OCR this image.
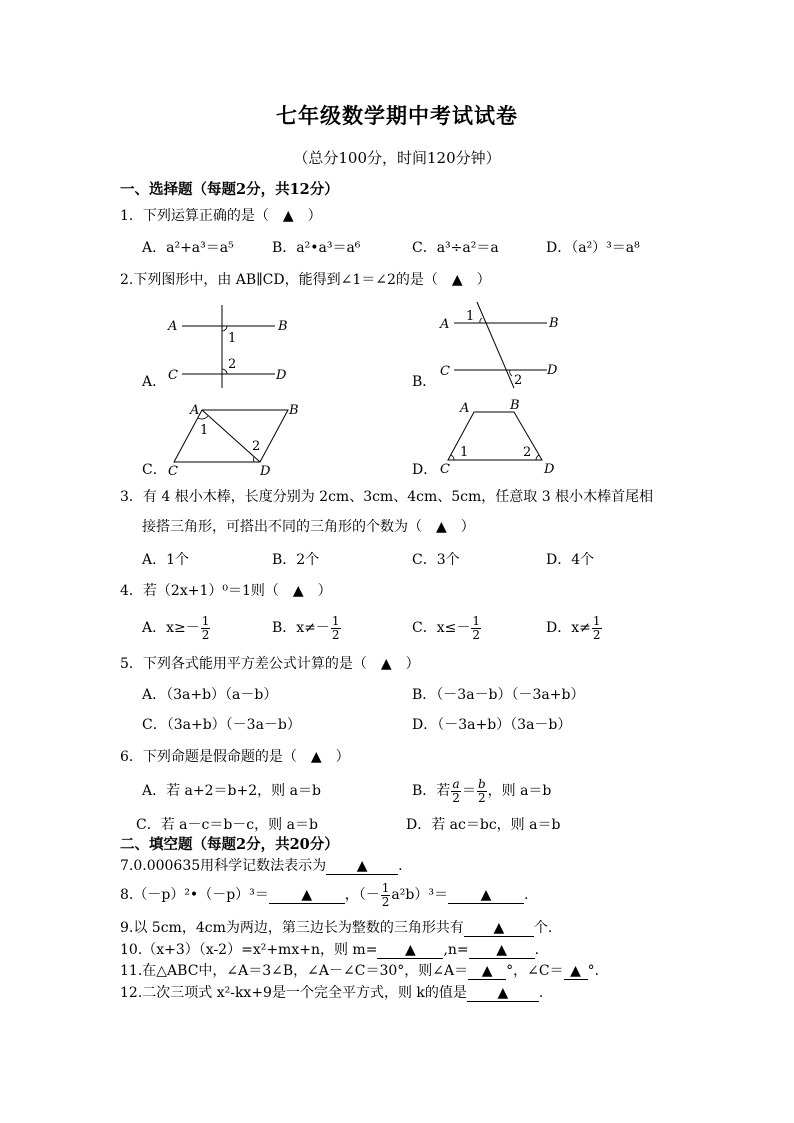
七年级数学期中考试试卷
（总分100分，时间120分钟）
一、选择题（每题2分，共12分）
1．下列运算正确的是（　▲　）
A．a²+a³＝a⁵	B．a²•a³＝a⁶	C．a³÷a²＝a	D．（a²）³＝a⁸
2.下列图形中，由 AB∥CD，能得到∠1＝∠2的是（　▲　）
A．
A	B
C	D
1
2
B．
A	B
C	D
1
2
C．
A	B
C	D
1
2
D．
A	B
C	D
1	2
3．有 4 根小木棒，长度分别为 2cm、3cm、4cm、5cm，任意取 3 根小木棒首尾相
接搭三角形，可搭出不同的三角形的个数为（　▲　）
A．1个	B．2个	C．3个	D．4个
4．若（2x+1）⁰＝1则（　▲　）
A．$x\ge- \frac{1}{2}$	B．$x\ne- \frac{1}{2}$	C．$x\le- \frac{1}{2}$	D．$x\ne \frac{1}{2}$
5．下列各式能用平方差公式计算的是（　▲　）
A．（3a+b）（a－b）	B．（－3a－b）（－3a+b）
C．（3a+b）（－3a－b）	D．（－3a+b）（3a－b）
6．下列命题是假命题的是（　▲　）
A．若 a+2＝b+2，则 a＝b	B．若 $\frac{a}{2} = \frac{b}{2}$ ，则 a＝b
C．若 a－c＝b－c，则 a＝b	D．若 ac＝bc，则 a＝b
二、填空题（每题2分，共20分）
7.0.000635用科学记数法表示为 ▲ .
8.（－p）²•（－p）³＝ ▲ ，（－ $\frac{1}{2} a^2b)^3=$ ▲ .
9.以 5cm，4cm为两边，第三边长为整数的三角形共有 ▲ 个.
10.（x+3）（x-2）=x²+mx+n，则 m= ▲ ,n= ▲ .
11.在△ABC中，∠A＝3∠B，∠A－∠C＝30°，则∠A＝ ▲ °，∠C＝ ▲ °.
12.二次三项式 x²-kx+9是一个完全平方式，则 k的值是 ▲ .
